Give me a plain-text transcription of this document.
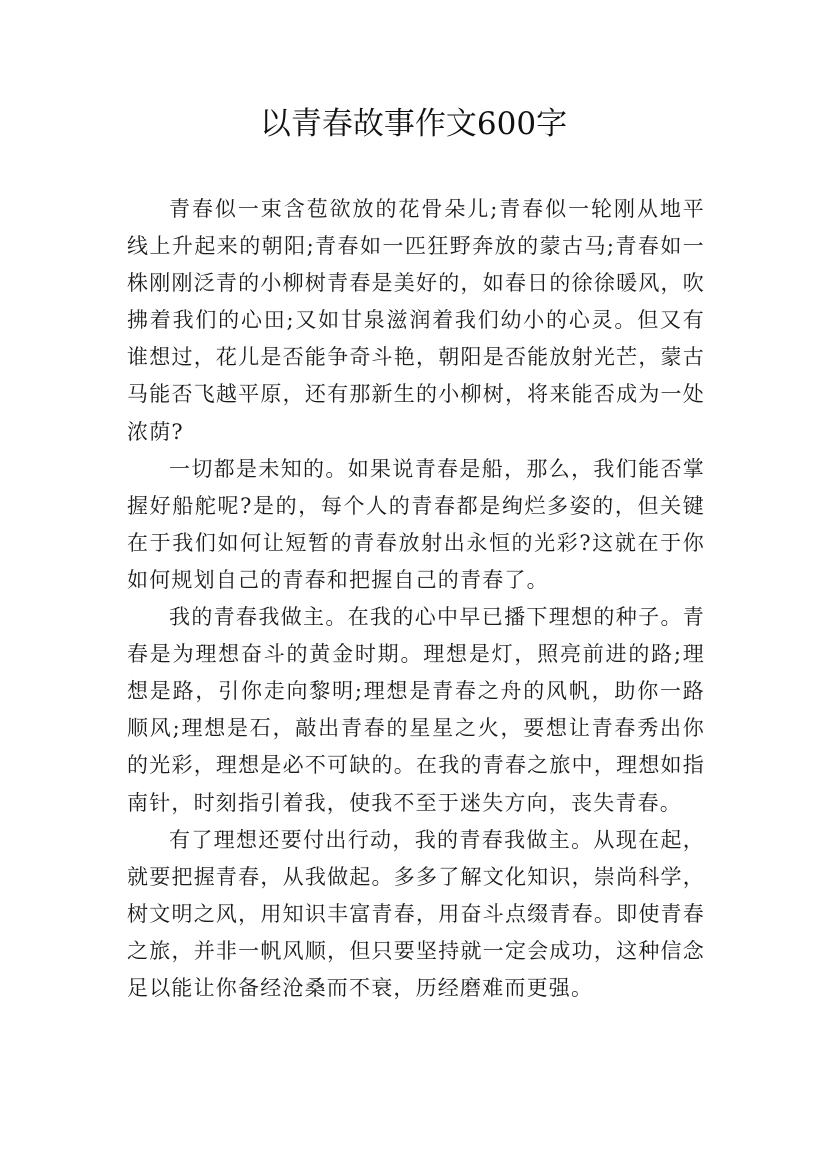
以青春故事作文600字

青春似一束含苞欲放的花骨朵儿;青春似一轮刚从地平线上升起来的朝阳;青春如一匹狂野奔放的蒙古马;青春如一株刚刚泛青的小柳树青春是美好的，如春日的徐徐暖风，吹拂着我们的心田;又如甘泉滋润着我们幼小的心灵。但又有谁想过，花儿是否能争奇斗艳，朝阳是否能放射光芒，蒙古马能否飞越平原，还有那新生的小柳树，将来能否成为一处浓荫?

一切都是未知的。如果说青春是船，那么，我们能否掌握好船舵呢?是的，每个人的青春都是绚烂多姿的，但关键在于我们如何让短暂的青春放射出永恒的光彩?这就在于你如何规划自己的青春和把握自己的青春了。

我的青春我做主。在我的心中早已播下理想的种子。青春是为理想奋斗的黄金时期。理想是灯，照亮前进的路;理想是路，引你走向黎明;理想是青春之舟的风帆，助你一路顺风;理想是石，敲出青春的星星之火，要想让青春秀出你的光彩，理想是必不可缺的。在我的青春之旅中，理想如指南针，时刻指引着我，使我不至于迷失方向，丧失青春。

有了理想还要付出行动，我的青春我做主。从现在起，就要把握青春，从我做起。多多了解文化知识，崇尚科学，树文明之风，用知识丰富青春，用奋斗点缀青春。即使青春之旅，并非一帆风顺，但只要坚持就一定会成功，这种信念足以能让你备经沧桑而不衰，历经磨难而更强。
